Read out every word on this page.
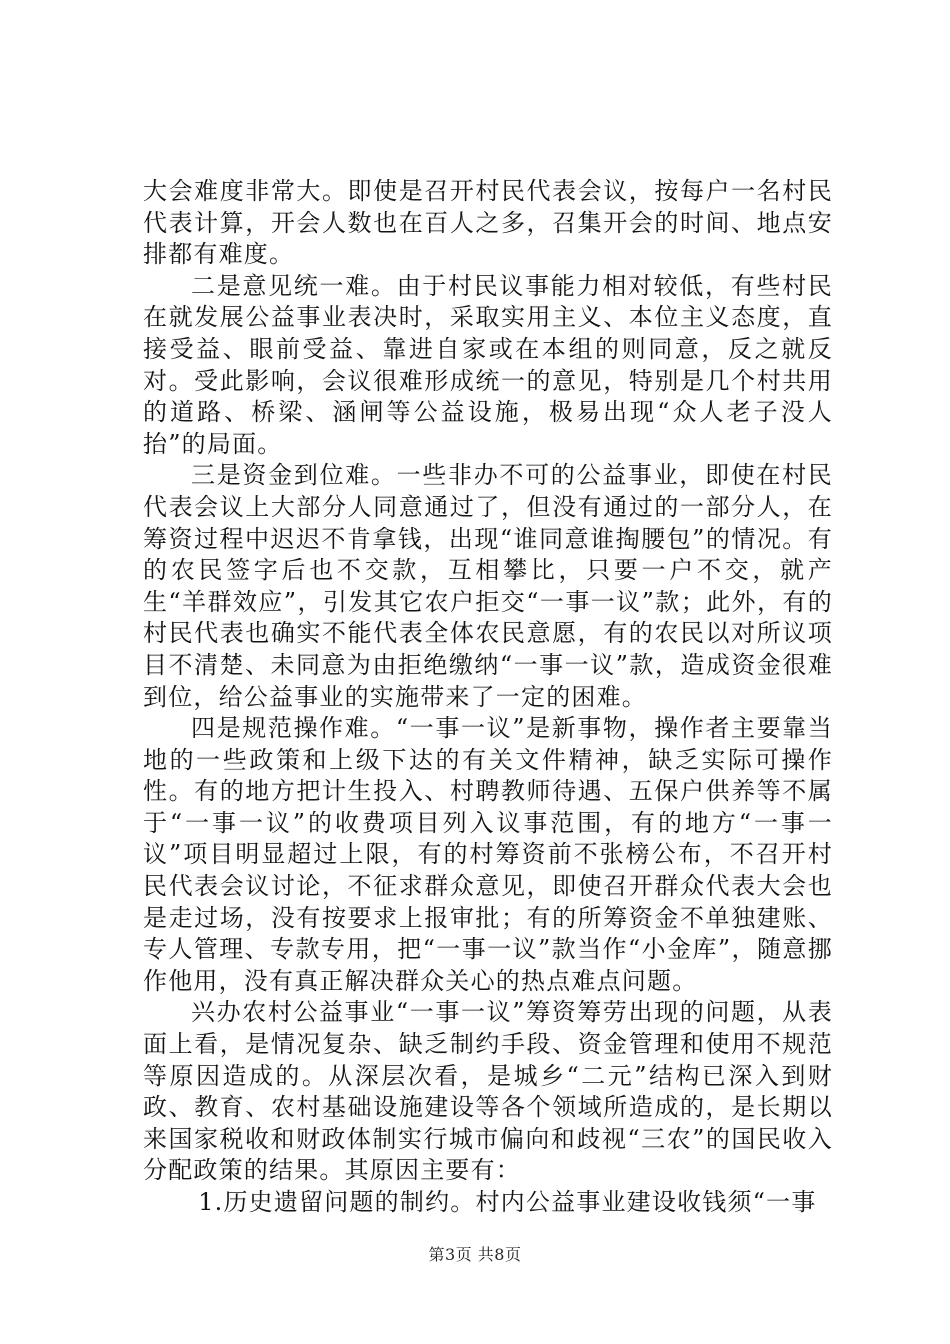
大会难度非常大。即使是召开村民代表会议，按每户一名村民代表计算，开会人数也在百人之多，召集开会的时间、地点安排都有难度。

二是意见统一难。由于村民议事能力相对较低，有些村民在就发展公益事业表决时，采取实用主义、本位主义态度，直接受益、眼前受益、靠进自家或在本组的则同意，反之就反对。受此影响，会议很难形成统一的意见，特别是几个村共用的道路、桥梁、涵闸等公益设施，极易出现“众人老子没人抬”的局面。

三是资金到位难。一些非办不可的公益事业，即使在村民代表会议上大部分人同意通过了，但没有通过的一部分人，在筹资过程中迟迟不肯拿钱，出现“谁同意谁掏腰包”的情况。有的农民签字后也不交款，互相攀比，只要一户不交，就产生“羊群效应”，引发其它农户拒交“一事一议”款；此外，有的村民代表也确实不能代表全体农民意愿，有的农民以对所议项目不清楚、未同意为由拒绝缴纳“一事一议”款，造成资金很难到位，给公益事业的实施带来了一定的困难。

四是规范操作难。“一事一议”是新事物，操作者主要靠当地的一些政策和上级下达的有关文件精神，缺乏实际可操作性。有的地方把计生投入、村聘教师待遇、五保户供养等不属于“一事一议”的收费项目列入议事范围，有的地方“一事一议”项目明显超过上限，有的村筹资前不张榜公布，不召开村民代表会议讨论，不征求群众意见，即使召开群众代表大会也是走过场，没有按要求上报审批；有的所筹资金不单独建账、专人管理、专款专用，把“一事一议”款当作“小金库”，随意挪作他用，没有真正解决群众关心的热点难点问题。

兴办农村公益事业“一事一议”筹资筹劳出现的问题，从表面上看，是情况复杂、缺乏制约手段、资金管理和使用不规范等原因造成的。从深层次看，是城乡“二元”结构已深入到财政、教育、农村基础设施建设等各个领域所造成的，是长期以来国家税收和财政体制实行城市偏向和歧视“三农”的国民收入分配政策的结果。其原因主要有：

1.历史遗留问题的制约。村内公益事业建设收钱须“一事

第3页 共8页
